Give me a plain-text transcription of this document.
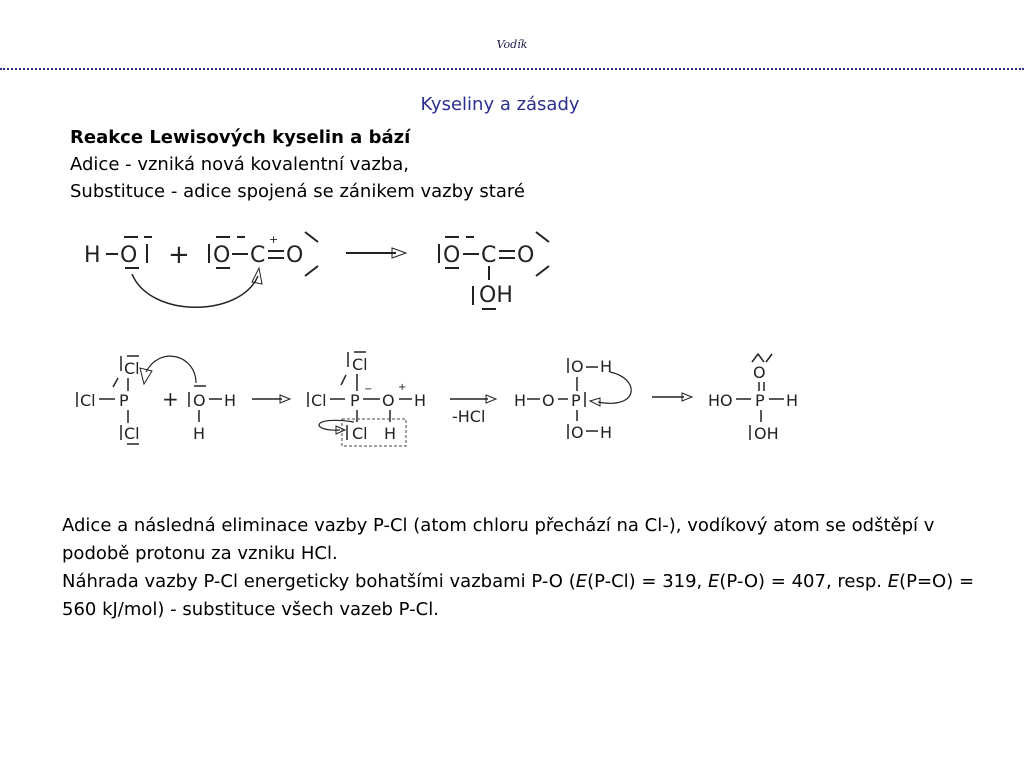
Vodík
Kyseliny a zásady
Reakce Lewisových kyselin a bází
Adice - vzniká nová kovalentní vazba,
Substituce - adice spojená se zánikem vazby staré
H O + O C
+
O	O C O
OH
Cl
Cl P
Cl
+ O H
H
Cl
Cl P
−
O
+
H
Cl H
-HCl
O H
H O P
O H
O
HO P H
OH

Adice a následná eliminace vazby P-Cl (atom chloru přechází na Cl-), vodíkový atom se odštěpí v podobě protonu za vzniku HCl.

Náhrada vazby P-Cl energeticky bohatšími vazbami P-O (E(P-Cl) = 319, E(P-O) = 407, resp. E(P=O) = 560 kJ/mol) - substituce všech vazeb P-Cl.
